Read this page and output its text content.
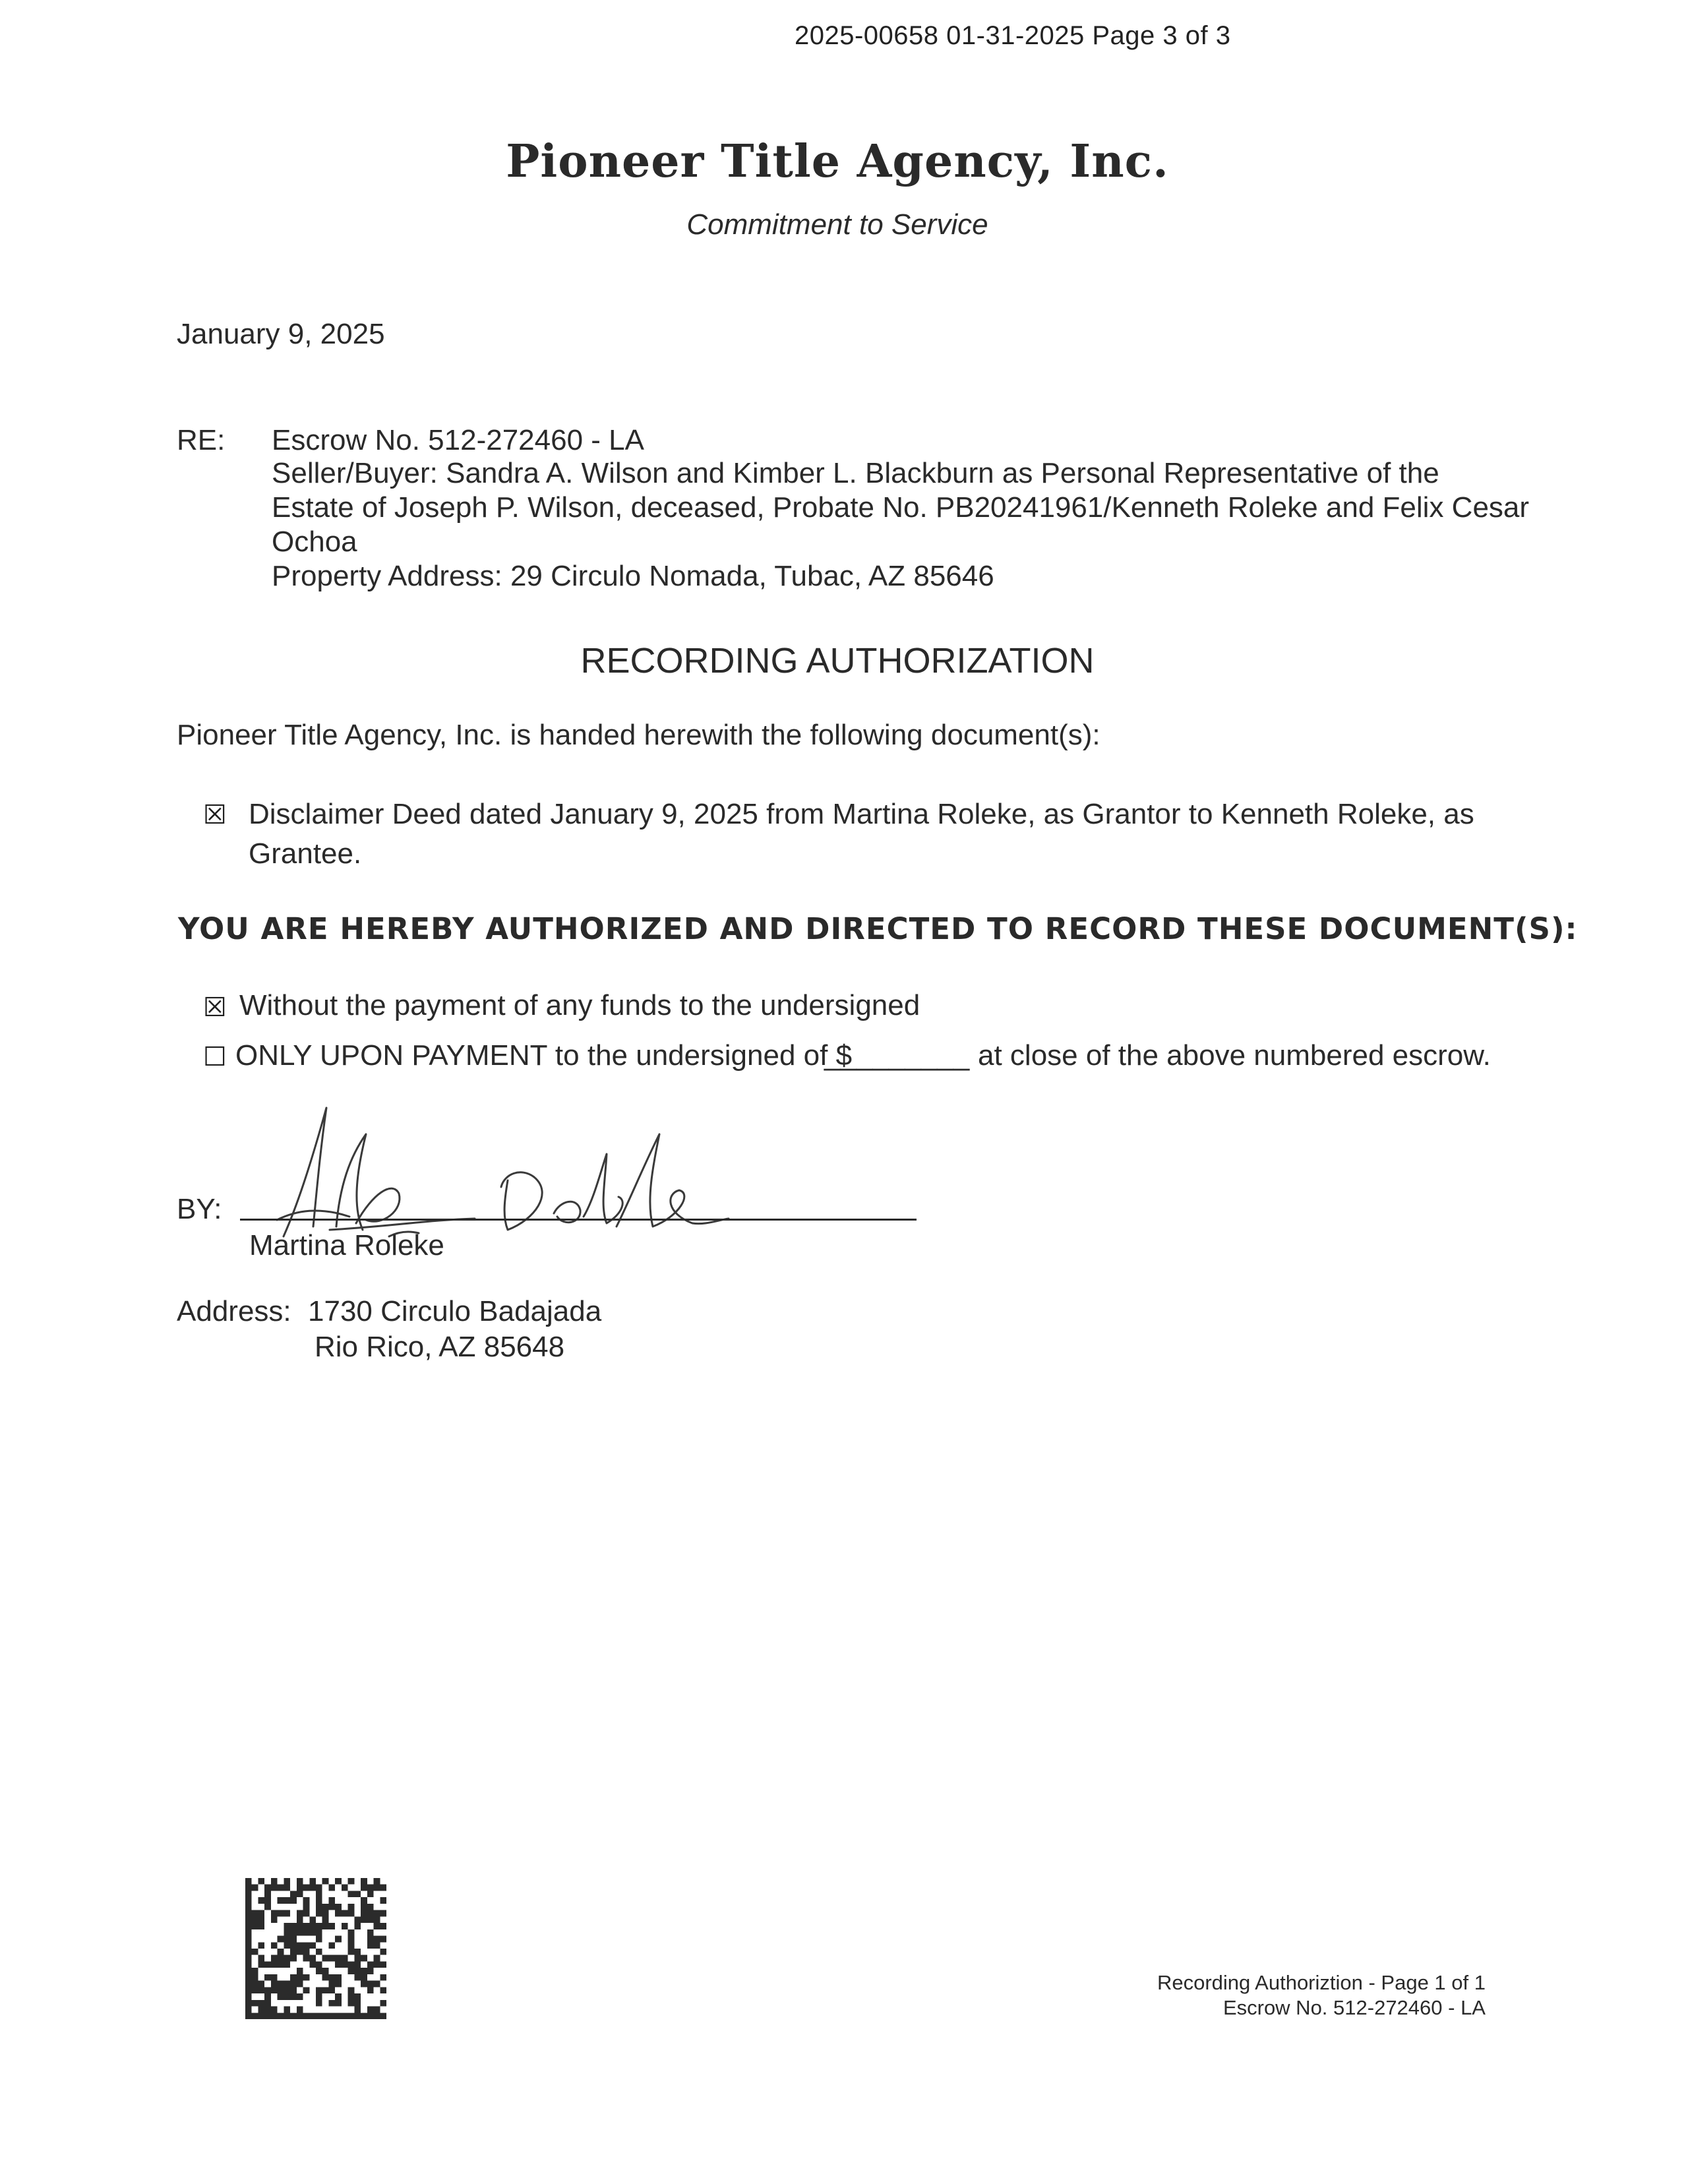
2025-00658 01-31-2025 Page 3 of 3
Pioneer Title Agency, Inc.
Commitment to Service
January 9, 2025
RE: Escrow No. 512-272460 - LA
Seller/Buyer: Sandra A. Wilson and Kimber L. Blackburn as Personal Representative of the
Estate of Joseph P. Wilson, deceased, Probate No. PB20241961/Kenneth Roleke and Felix Cesar
Ochoa
Property Address: 29 Circulo Nomada, Tubac, AZ 85646
RECORDING AUTHORIZATION
Pioneer Title Agency, Inc. is handed herewith the following document(s):
☒ Disclaimer Deed dated January 9, 2025 from Martina Roleke, as Grantor to Kenneth Roleke, as
Grantee.
YOU ARE HEREBY AUTHORIZED AND DIRECTED TO RECORD THESE DOCUMENT(S):
☒ Without the payment of any funds to the undersigned
☐ ONLY UPON PAYMENT to the undersigned of $
_________ at close of the above numbered escrow.
BY:
Martina Roleke
Address: 1730 Circulo Badajada
Rio Rico, AZ 85648
Recording Authoriztion - Page 1 of 1
Escrow No. 512-272460 - LA
